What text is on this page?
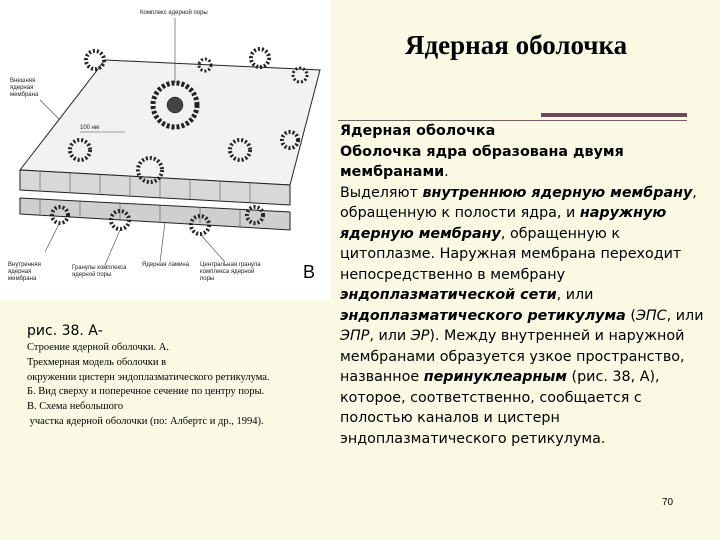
Комплекс ядерной поры
Внешняя ядерная мембрана
100 нм
Внутренняя ядерная мембрана
Гранулы комплекса ядерной поры
Ядерная ламина	Центральная гранула комплекса ядерной поры	B
Ядерная оболочка

Ядерная оболочка

Оболочка ядра образована двумя мембранами.

Выделяют внутреннюю ядерную мембрану, обращенную к полости ядра, и наружную ядерную мембрану, обращенную к цитоплазме. Наружная мембрана переходит непосредственно в мембрану эндоплазматической сети, или эндоплазматического ретикулума (ЭПС, или ЭПР, или ЭР). Между внутренней и наружной мембранами образуется узкое пространство, названное перинуклеарным (рис. 38, А), которое, соответственно, сообщается с полостью каналов и цистерн эндоплазматического ретикулума.

рис. 38. А-
Строение ядерной оболочки. А.
Трехмерная модель оболочки в
окружении цистерн эндоплазматического ретикулума.
Б. Вид сверху и поперечное сечение по центру поры.
В. Схема небольшого
участка ядерной оболочки (по: Албертс и др., 1994).
70
